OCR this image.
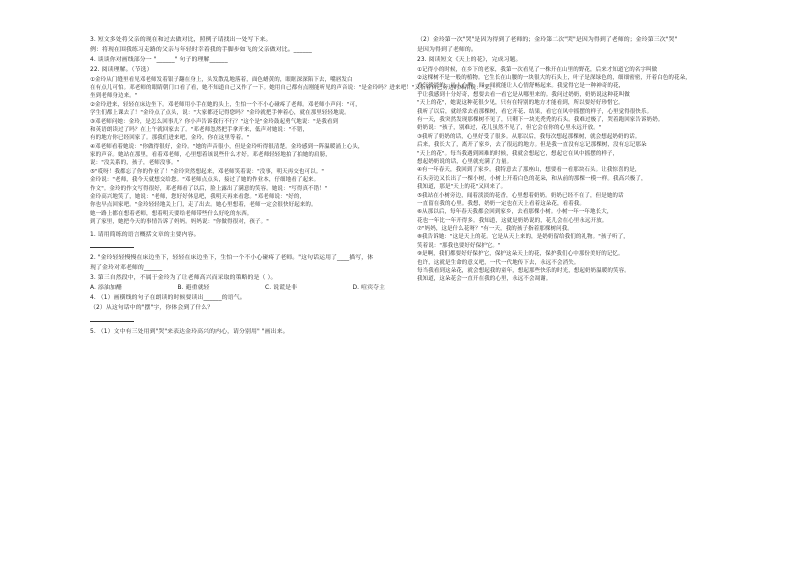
3. 短文多处将父亲的现在和过去做对比，照例子请找出一处写下来。
例：将现在围我练习走路的父亲与年轻时幸着我的手脚步如飞的父亲做对比。______
4. 谈谈你对画线部分一 "______" 句子的理解______
22. 阅读理解。（节选）
①金玲从门缝里看见邓老师发着银子翻在身上，头发散乱地落着，面色蜡黄的，眼眶深深陷下去，嘴唇发白
在有点儿可怕。邓老师的眼睛朝门口看了看，她不知道自己又作了一下。她用自己都有点刚能听见的声音说："是金玲吗？进来吧！"又指着自己旁边的床沿说："来，
坐到老师身边来。"
②金玲进来，轻轻在床边坐下。邓老师用小手在她的头上，生怕一个不小心碰疼了老师。邓老师小声问："可，
学生们都上课去了！"金玲点了点头，说："大家都还记得您吗？"金玲就把手伸着心，就在那里轻轻地说。
③邓老师问她：金玲，是怎么回事儿？你小声告诉我行不行？"这个是"金玲鼓起勇气地说："是我看到
和英语朗读过了吗？在上午就回家去了。"邓老师忽然把手拿开来，低声对她说："不错，
有的地方你已经回家了。那我们进来吧，金玲，你在这里等着。"
④邓老师看着她说："你做得很好，金玲。"她的声音很小，但是金玲听得很清楚。金玲感到一阵温暖涌上心头，
家的声音。她站在那里，看着邓老师，心里想着该说些什么才好。邓老师轻轻地拍了拍她的肩膀，
说："没关系的，孩子，老师没事。"
⑤"哎呀！我都忘了你的作业了！"金玲突然想起来，邓老师笑着说："没事，明天再交也可以。"
金玲说："老师，我今天就想交给您。"邓老师点点头，接过了她的作业本，仔细地看了起来。
作文"。金玲的作文写得很好，邓老师看了以后，脸上露出了满意的笑容。她说："写得真不错！"
金玲高兴地笑了，她说："老师，您好好休息吧，我明天再来看您。"邓老师说："好的，
你也早点回家吧。"金玲轻轻地关上门，走了出去。她心里想着，老师一定会很快好起来的。
她一路上都在想着老师，想着明天要给老师带些什么好吃的东西。
到了家里，她把今天的事情告诉了妈妈。妈妈说："你做得很对，孩子。"
1. 请用简练的语言概括文章的主要内容。
2. "金玲轻轻慢慢在床边坐下，轻轻在床边坐下，生怕一个不小心碰疼了老师。"这句话运用了____描写，体
现了金玲对邓老师的______
3. 第三自然段中，不属于金玲为了让老师高兴而采取的策略的是（ ）。
A. 添油加醋	B. 避重就轻	C. 说谎是非	D. 喧宾夺主
4. （1）画横线的句子在朗读的时候要读出______的语气。
（2）从这句话中的"摆"字，你体会到了什么？
5. （1）文中有三处用到"哭"来表达金玲高兴的内心，请分别用" "画出来。
（2）金玲第一次"哭"是因为得到了老师的；金玲第二次"哭"是因为得到了老师的；金玲第三次"哭"
是因为得到了老师的。
23. 阅读短文《天上的花》，完成习题。
①记得小的时候，在乡下的老家，我第一次看见了一株开在山里的野花，后来才知道它的名字叫做
②这棵树不是一般的植物。它生长在山腰的一块很大的石头上，叶子是深绿色的，细细密密，开着白色的花朵，
香气淡淡的，沁人心脾，闻一闻就能让人心情舒畅起来。我觉得它是一种神奇的花，
乎让我感到十分好奇，想要去看一看它是从哪里来的。我问过奶奶，奶奶说这种花叫做
"天上的花"，她说这种花很少见，只有在特别的地方才能看到，所以要好好珍惜它。
我听了以后，就经常去看那棵树，看它开花、结果，看它在风中摇摆的样子，心里觉得很快乐。
有一天，我突然发现那棵树不见了，只剩下一块光秃秃的石头。我难过极了，哭着跑回家告诉奶奶。
奶奶说："孩子，别难过，花儿虽然不见了，但它会在你的心里永远开放。"
③我听了奶奶的话，心里好受了很多。从那以后，我每次想起那棵树，就会想起奶奶的话。
后来，我长大了，离开了家乡，去了很远的地方。但是我一直没有忘记那棵树，没有忘记那朵
"天上的花"。每当我遇到困难的时候，我就会想起它，想起它在风中摇摆的样子，
想起奶奶说的话，心里就充满了力量。
④有一年春天，我回到了家乡。我特意去了那座山，想要看一看那块石头。让我惊喜的是，
石头旁边又长出了一棵小树，小树上开着白色的花朵，和从前的那棵一模一样。我高兴极了，
我知道，那是"天上的花"又回来了。
⑤我站在小树旁边，闻着淡淡的花香，心里想着奶奶。奶奶已经不在了，但是她的话
一直留在我的心里。我想，奶奶一定也在天上看着这朵花，看着我。
⑥从那以后，每年春天我都会回到家乡，去看那棵小树。小树一年一年地长大，
花也一年比一年开得多。我知道，这就是奶奶说的，花儿会在心里永远开放。
⑦"妈妈，这是什么花呀？"有一天，我的孩子指着那棵树问我。
⑧我告诉她："这是天上的花。它是从天上来的，是奶奶留给我们的礼物。"孩子听了，
笑着说："那我也要好好保护它。"
⑨是啊，我们都要好好保护它，保护这朵天上的花，保护我们心中那份美好的记忆。
也许，这就是生命的意义吧，一代一代地传下去，永远不会消失。
每当我看到这朵花，就会想起我的童年，想起那些快乐的时光，想起奶奶温暖的笑容。
我知道，这朵花会一直开在我的心里，永远不会凋谢。
